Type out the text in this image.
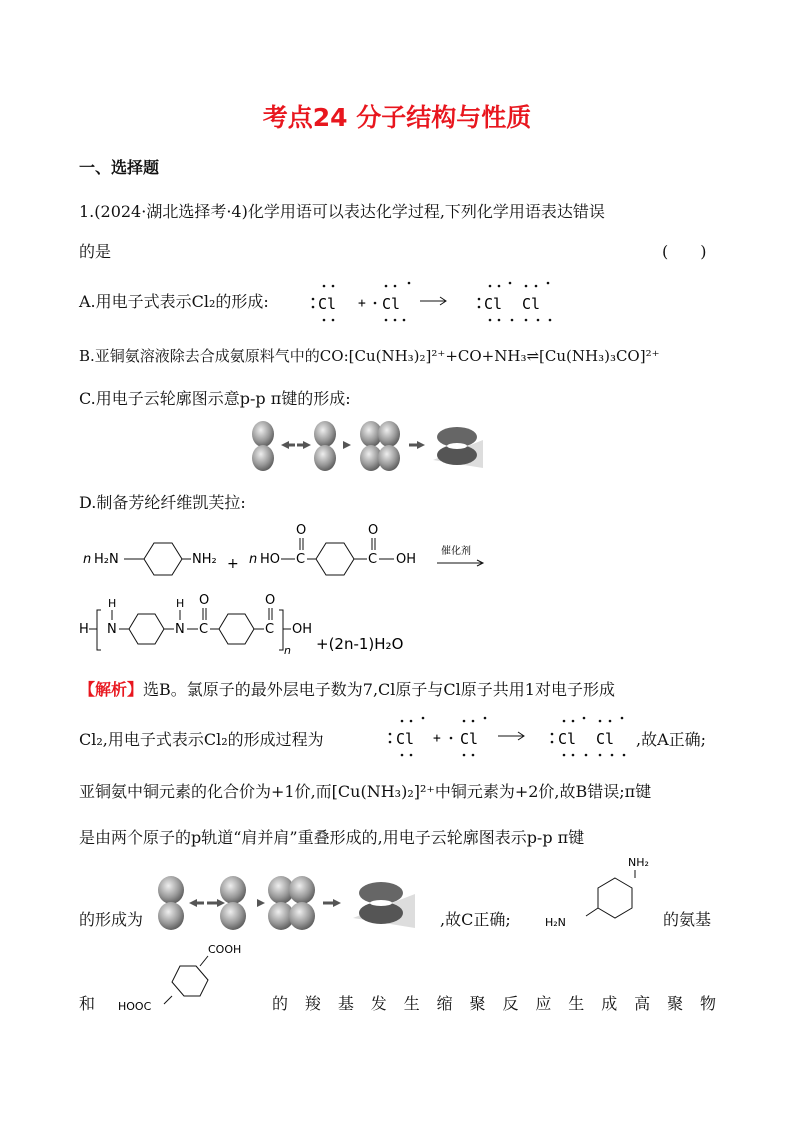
考点24 分子结构与性质
一、选择题
1.(2024·湖北选择考·4)化学用语可以表达化学过程,下列化学用语表达错误
的是	(　　)
A.用电子式表示Cl₂的形成:	Cl + Cl	Cl Cl
B.亚铜氨溶液除去合成氨原料气中的CO:[Cu(NH₃)₂]²⁺+CO+NH₃⇌[Cu(NH₃)₃CO]²⁺
C.用电子云轮廓图示意p-p π键的形成:
D.制备芳纶纤维凯芙拉:
n H₂N	NH₂ + n HO C
O
C
O
OH
催化剂
H N
H
N
H
C
O
C
O
n
OH
+(2n-1)H₂O
【解析】选B。氯原子的最外层电子数为7,Cl原子与Cl原子共用1对电子形成
Cl₂,用电子式表示Cl₂的形成过程为	Cl + Cl	Cl Cl ,故A正确;
亚铜氨中铜元素的化合价为+1价,而[Cu(NH₃)₂]²⁺中铜元素为+2价,故B错误;π键
是由两个原子的p轨道“肩并肩”重叠形成的,用电子云轮廓图表示p-p π键
的形成为	,故C正确;
NH₂
H₂N	的氨基
和
COOH
HOOC	的 羧 基 发 生 缩 聚 反 应 生 成 高 聚 物
